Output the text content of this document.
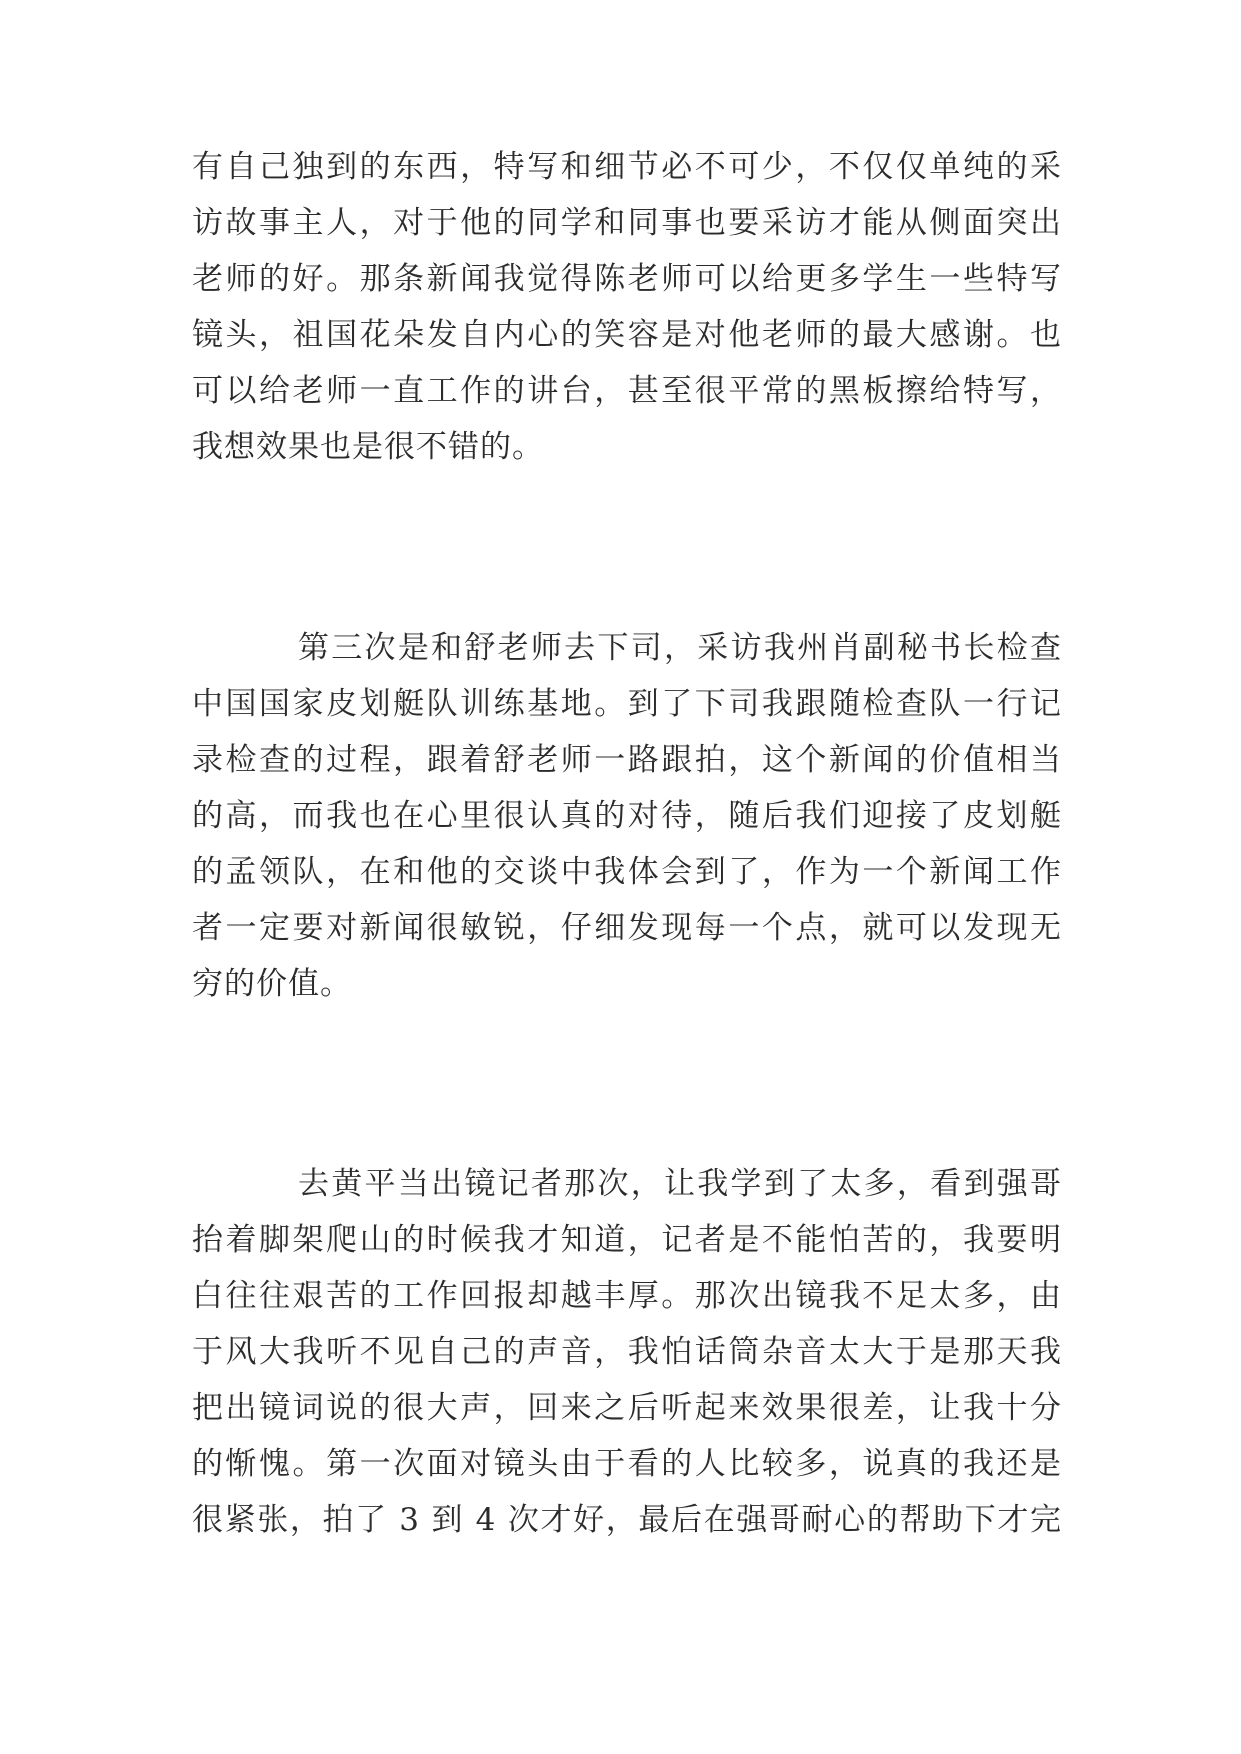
有自己独到的东西，特写和细节必不可少，不仅仅单纯的采
访故事主人，对于他的同学和同事也要采访才能从侧面突出
老师的好。那条新闻我觉得陈老师可以给更多学生一些特写
镜头，祖国花朵发自内心的笑容是对他老师的最大感谢。也
可以给老师一直工作的讲台，甚至很平常的黑板擦给特写，
我想效果也是很不错的。
第三次是和舒老师去下司，采访我州肖副秘书长检查
中国国家皮划艇队训练基地。到了下司我跟随检查队一行记
录检查的过程，跟着舒老师一路跟拍，这个新闻的价值相当
的高，而我也在心里很认真的对待，随后我们迎接了皮划艇
的孟领队，在和他的交谈中我体会到了，作为一个新闻工作
者一定要对新闻很敏锐，仔细发现每一个点，就可以发现无
穷的价值。
去黄平当出镜记者那次，让我学到了太多，看到强哥
抬着脚架爬山的时候我才知道，记者是不能怕苦的，我要明
白往往艰苦的工作回报却越丰厚。那次出镜我不足太多，由
于风大我听不见自己的声音，我怕话筒杂音太大于是那天我
把出镜词说的很大声，回来之后听起来效果很差，让我十分
的惭愧。第一次面对镜头由于看的人比较多，说真的我还是
很紧张，拍了 3 到 4 次才好，最后在强哥耐心的帮助下才完
